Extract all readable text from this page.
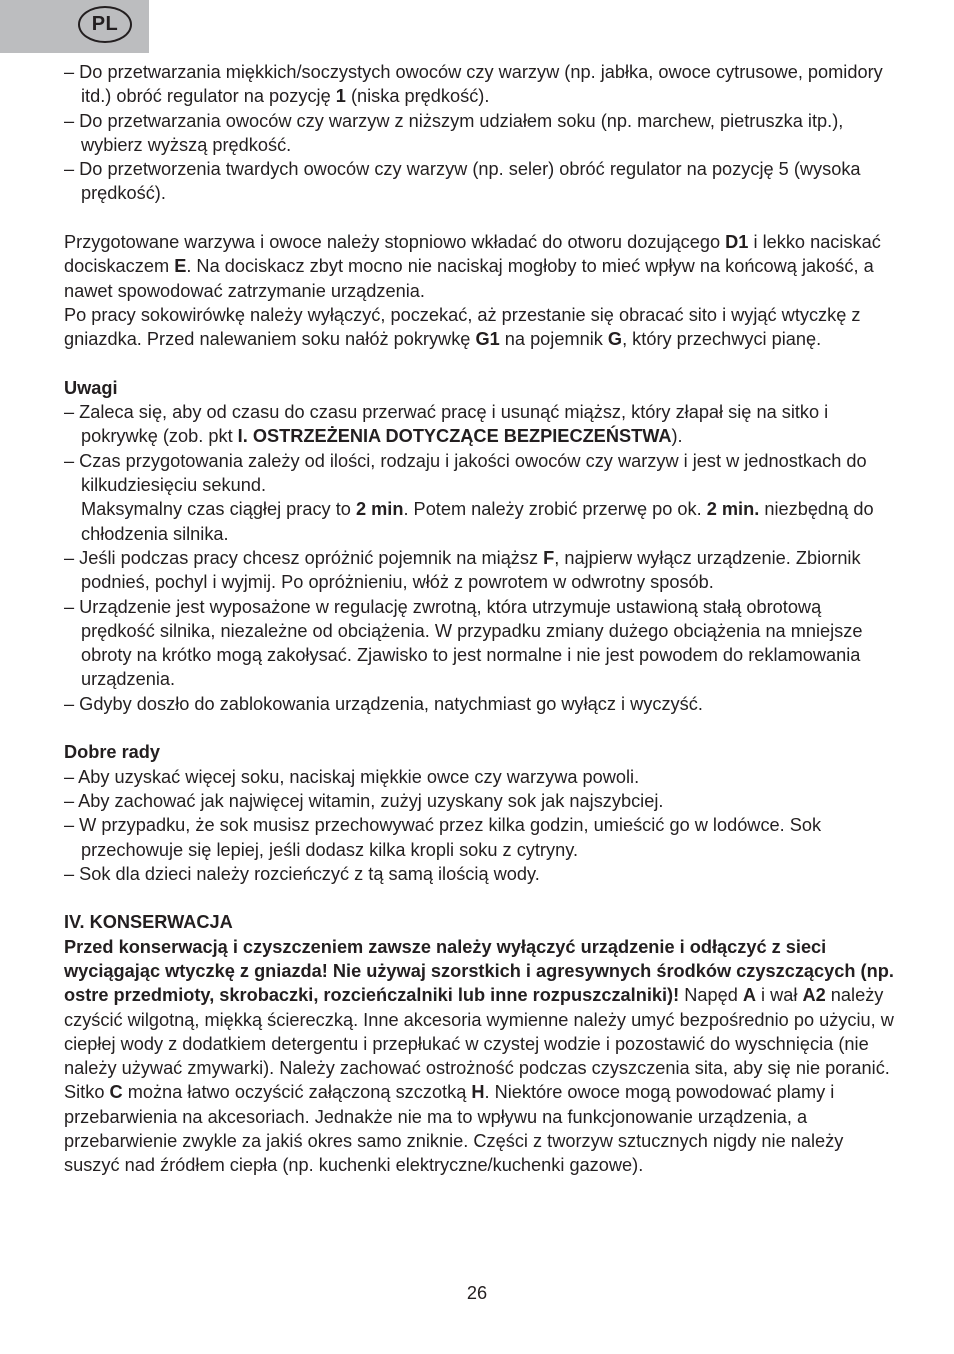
PL
– Do przetwarzania miękkich/soczystych owoców czy warzyw (np. jabłka, owoce cytrusowe, pomidory itd.) obróć regulator na pozycję 1 (niska prędkość).
– Do przetwarzania owoców czy warzyw z niższym udziałem soku (np. marchew, pietruszka itp.), wybierz wyższą prędkość.
– Do przetworzenia twardych owoców czy warzyw (np. seler) obróć regulator na pozycję 5 (wysoka prędkość).
Przygotowane warzywa i owoce należy stopniowo wkładać do otworu dozującego D1 i lekko naciskać dociskaczem E. Na dociskacz zbyt mocno nie naciskaj mogłoby to mieć wpływ na końcową jakość, a nawet spowodować zatrzymanie urządzenia.
Po pracy sokowirówkę należy wyłączyć, poczekać, aż przestanie się obracać sito i wyjąć wtyczkę z gniazdka. Przed nalewaniem soku nałóż pokrywkę G1 na pojemnik G, który przechwyci pianę.
Uwagi
– Zaleca się, aby od czasu do czasu przerwać pracę i usunąć miąższ, który złapał się na sitko i pokrywkę (zob. pkt I. OSTRZEŻENIA DOTYCZĄCE BEZPIECZEŃSTWA).
– Czas przygotowania zależy od ilości, rodzaju i jakości owoców czy warzyw i jest w jednostkach do kilkudziesięciu sekund.
Maksymalny czas ciągłej pracy to 2 min. Potem należy zrobić przerwę po ok. 2 min. niezbędną do chłodzenia silnika.
– Jeśli podczas pracy chcesz opróżnić pojemnik na miąższ F, najpierw wyłącz urządzenie. Zbiornik podnieś, pochyl i wyjmij. Po opróżnieniu, włóż z powrotem w odwrotny sposób.
– Urządzenie jest wyposażone w regulację zwrotną, która utrzymuje ustawioną stałą obrotową prędkość silnika, niezależne od obciążenia. W przypadku zmiany dużego obciążenia na mniejsze obroty na krótko mogą zakołysać. Zjawisko to jest normalne i nie jest powodem do reklamowania urządzenia.
– Gdyby doszło do zablokowania urządzenia, natychmiast go wyłącz i wyczyść.
Dobre rady
– Aby uzyskać więcej soku, naciskaj miękkie owce czy warzywa powoli.
– Aby zachować jak najwięcej witamin, zużyj uzyskany sok jak najszybciej.
– W przypadku, że sok musisz przechowywać przez kilka godzin, umieścić go w lodówce. Sok przechowuje się lepiej, jeśli dodasz kilka kropli soku z cytryny.
– Sok dla dzieci należy rozcieńczyć z tą samą ilością wody.
IV. KONSERWACJA
Przed konserwacją i czyszczeniem zawsze należy wyłączyć urządzenie i odłączyć z sieci wyciągając wtyczkę z gniazda! Nie używaj szorstkich i agresywnych środków czyszczących (np. ostre przedmioty, skrobaczki, rozcieńczalniki lub inne rozpuszczalniki)! Napęd A i wał A2 należy czyścić wilgotną, miękką ściereczką. Inne akcesoria wymienne należy umyć bezpośrednio po użyciu, w ciepłej wody z dodatkiem detergentu i przepłukać w czystej wodzie i pozostawić do wyschnięcia (nie należy używać zmywarki). Należy zachować ostrożność podczas czyszczenia sita, aby się nie poranić. Sitko C można łatwo oczyścić załączoną szczotką H. Niektóre owoce mogą powodować plamy i przebarwienia na akcesoriach. Jednakże nie ma to wpływu na funkcjonowanie urządzenia, a przebarwienie zwykle za jakiś okres samo zniknie. Części z tworzyw sztucznych nigdy nie należy suszyć nad źródłem ciepła (np. kuchenki elektryczne/kuchenki gazowe).
26
